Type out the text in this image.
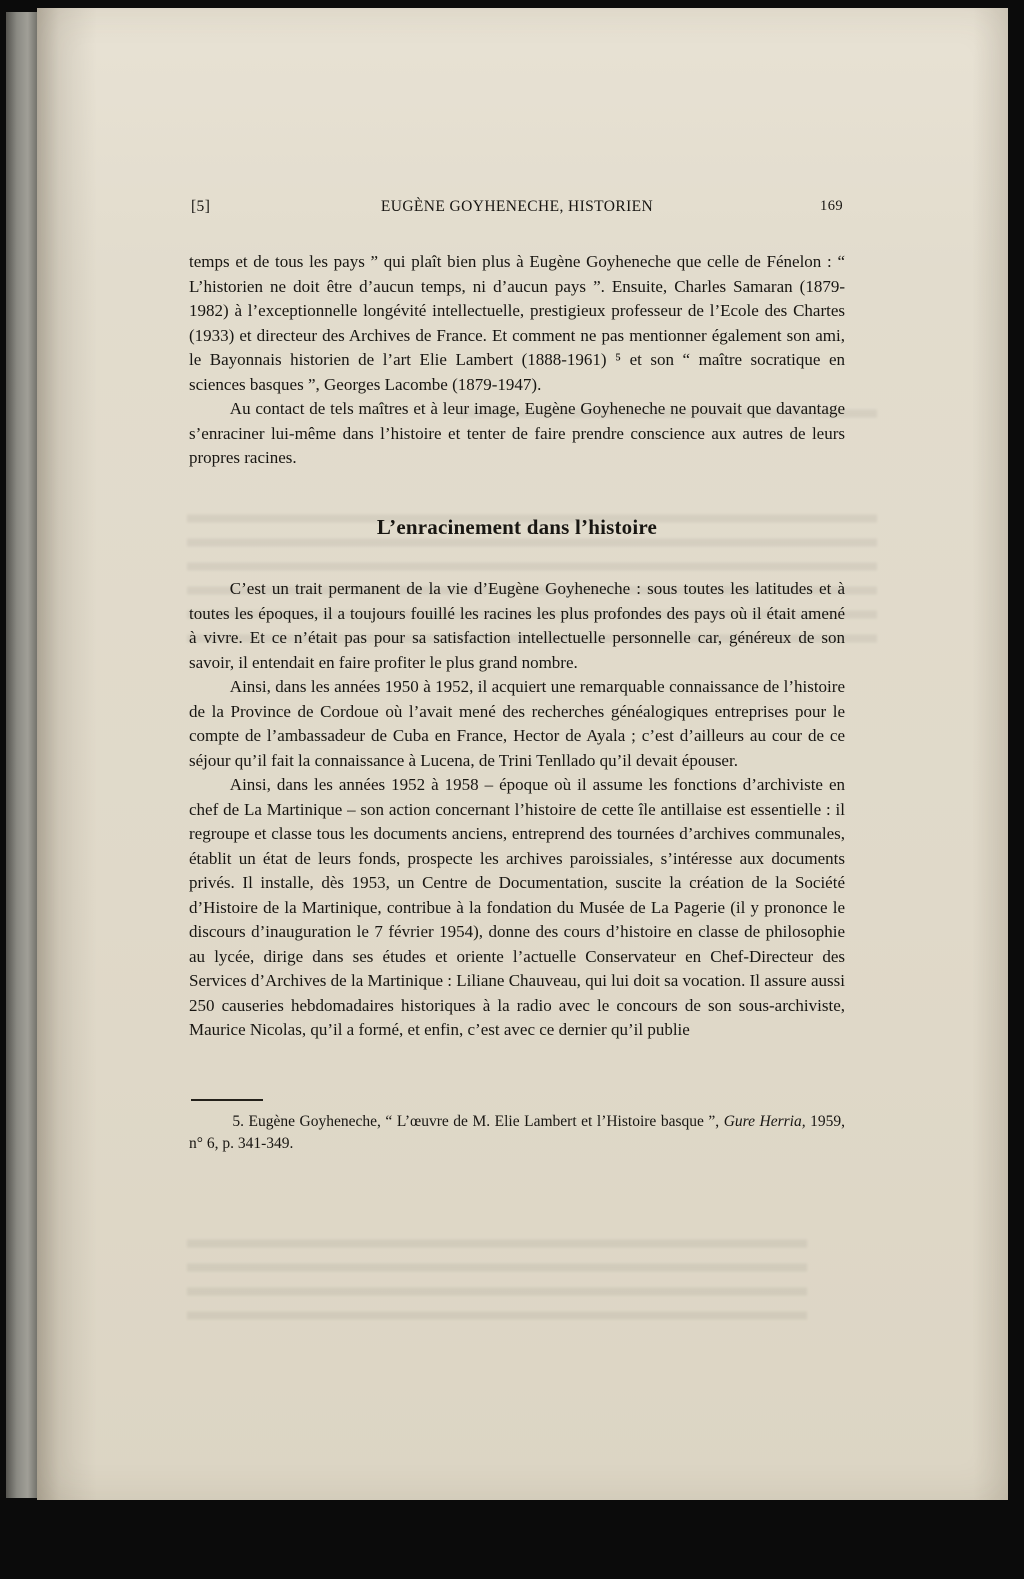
[5]	EUGÈNE GOYHENECHE, HISTORIEN	169

temps et de tous les pays ” qui plaît bien plus à Eugène Goyheneche que celle de Fénelon : “ L’historien ne doit être d’aucun temps, ni d’aucun pays ”. Ensuite, Charles Samaran (1879-1982) à l’exceptionnelle longévité intellectuelle, prestigieux professeur de l’Ecole des Chartes (1933) et directeur des Archives de France. Et comment ne pas mentionner également son ami, le Bayonnais historien de l’art Elie Lambert (1888-1961) ⁵ et son “ maître socratique en sciences basques ”, Georges Lacombe (1879-1947).

Au contact de tels maîtres et à leur image, Eugène Goyheneche ne pouvait que davantage s’enraciner lui-même dans l’histoire et tenter de faire prendre conscience aux autres de leurs propres racines.

L’enracinement dans l’histoire

C’est un trait permanent de la vie d’Eugène Goyheneche : sous toutes les latitudes et à toutes les époques, il a toujours fouillé les racines les plus profondes des pays où il était amené à vivre. Et ce n’était pas pour sa satisfaction intellectuelle personnelle car, généreux de son savoir, il entendait en faire profiter le plus grand nombre.

Ainsi, dans les années 1950 à 1952, il acquiert une remarquable connaissance de l’histoire de la Province de Cordoue où l’avait mené des recherches généalogiques entreprises pour le compte de l’ambassadeur de Cuba en France, Hector de Ayala ; c’est d’ailleurs au cour de ce séjour qu’il fait la connaissance à Lucena, de Trini Tenllado qu’il devait épouser.

Ainsi, dans les années 1952 à 1958 – époque où il assume les fonctions d’archiviste en chef de La Martinique – son action concernant l’histoire de cette île antillaise est essentielle : il regroupe et classe tous les documents anciens, entreprend des tournées d’archives communales, établit un état de leurs fonds, prospecte les archives paroissiales, s’intéresse aux documents privés. Il installe, dès 1953, un Centre de Documentation, suscite la création de la Société d’Histoire de la Martinique, contribue à la fondation du Musée de La Pagerie (il y prononce le discours d’inauguration le 7 février 1954), donne des cours d’histoire en classe de philosophie au lycée, dirige dans ses études et oriente l’actuelle Conservateur en Chef-Directeur des Services d’Archives de la Martinique : Liliane Chauveau, qui lui doit sa vocation. Il assure aussi 250 causeries hebdomadaires historiques à la radio avec le concours de son sous-archiviste, Maurice Nicolas, qu’il a formé, et enfin, c’est avec ce dernier qu’il publie

5. Eugène Goyheneche, “ L’œuvre de M. Elie Lambert et l’Histoire basque ”, Gure Herria, 1959, n° 6, p. 341-349.
